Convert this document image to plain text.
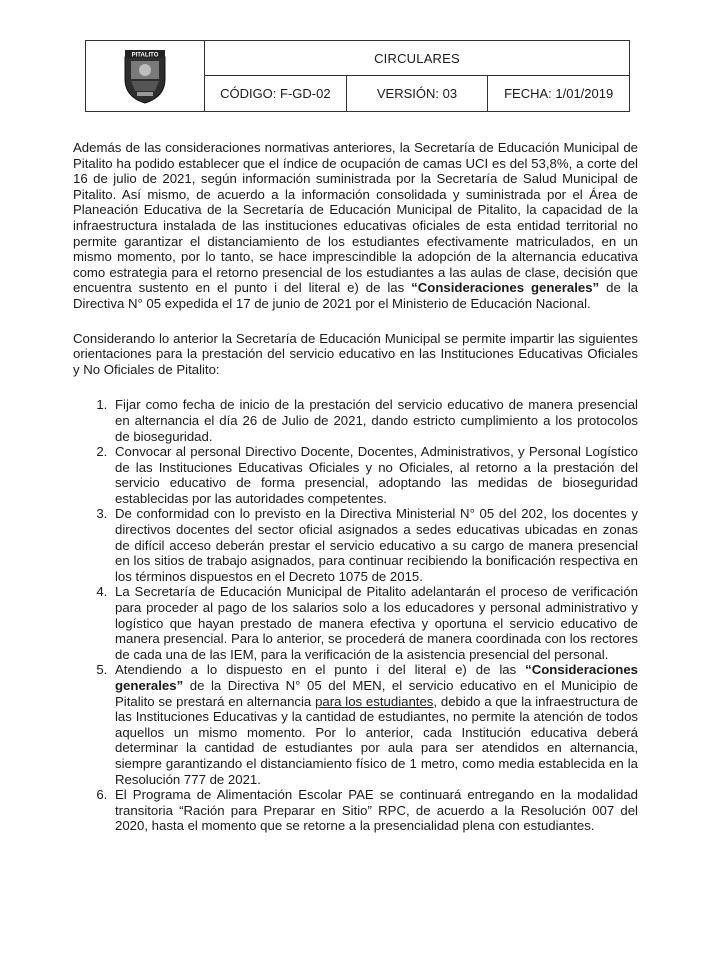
PITALITO	CIRCULARES		
	CÓDIGO: F-GD-02	VERSIÓN: 03	FECHA: 1/01/2019

Además de las consideraciones normativas anteriores, la Secretaría de Educación Municipal de Pitalito ha podido establecer que el índice de ocupación de camas UCI es del 53,8%, a corte del 16 de julio de 2021, según información suministrada por la Secretaría de Salud Municipal de Pitalito. Así mismo, de acuerdo a la información consolidada y suministrada por el Área de Planeación Educativa de la Secretaría de Educación Municipal de Pitalito, la capacidad de la infraestructura instalada de las instituciones educativas oficiales de esta entidad territorial no permite garantizar el distanciamiento de los estudiantes efectivamente matriculados, en un mismo momento, por lo tanto, se hace imprescindible la adopción de la alternancia educativa como estrategia para el retorno presencial de los estudiantes a las aulas de clase, decisión que encuentra sustento en el punto i del literal e) de las “Consideraciones generales” de la Directiva N° 05 expedida el 17 de junio de 2021 por el Ministerio de Educación Nacional.

Considerando lo anterior la Secretaría de Educación Municipal se permite impartir las siguientes orientaciones para la prestación del servicio educativo en las Instituciones Educativas Oficiales y No Oficiales de Pitalito:

1. Fijar como fecha de inicio de la prestación del servicio educativo de manera presencial en alternancia el día 26 de Julio de 2021, dando estricto cumplimiento a los protocolos de bioseguridad.
2. Convocar al personal Directivo Docente, Docentes, Administrativos, y Personal Logístico de las Instituciones Educativas Oficiales y no Oficiales, al retorno a la prestación del servicio educativo de forma presencial, adoptando las medidas de bioseguridad establecidas por las autoridades competentes.
3. De conformidad con lo previsto en la Directiva Ministerial N° 05 del 202, los docentes y directivos docentes del sector oficial asignados a sedes educativas ubicadas en zonas de difícil acceso deberán prestar el servicio educativo a su cargo de manera presencial en los sitios de trabajo asignados, para continuar recibiendo la bonificación respectiva en los términos dispuestos en el Decreto 1075 de 2015.
4. La Secretaría de Educación Municipal de Pitalito adelantarán el proceso de verificación para proceder al pago de los salarios solo a los educadores y personal administrativo y logístico que hayan prestado de manera efectiva y oportuna el servicio educativo de manera presencial. Para lo anterior, se procederá de manera coordinada con los rectores de cada una de las IEM, para la verificación de la asistencia presencial del personal.
5. Atendiendo a lo dispuesto en el punto i del literal e) de las “Consideraciones generales” de la Directiva N° 05 del MEN, el servicio educativo en el Municipio de Pitalito se prestará en alternancia para los estudiantes, debido a que la infraestructura de las Instituciones Educativas y la cantidad de estudiantes, no permite la atención de todos aquellos un mismo momento. Por lo anterior, cada Institución educativa deberá determinar la cantidad de estudiantes por aula para ser atendidos en alternancia, siempre garantizando el distanciamiento físico de 1 metro, como media establecida en la Resolución 777 de 2021.
6. El Programa de Alimentación Escolar PAE se continuará entregando en la modalidad transitoria “Ración para Preparar en Sitio” RPC, de acuerdo a la Resolución 007 del 2020, hasta el momento que se retorne a la presencialidad plena con estudiantes.
